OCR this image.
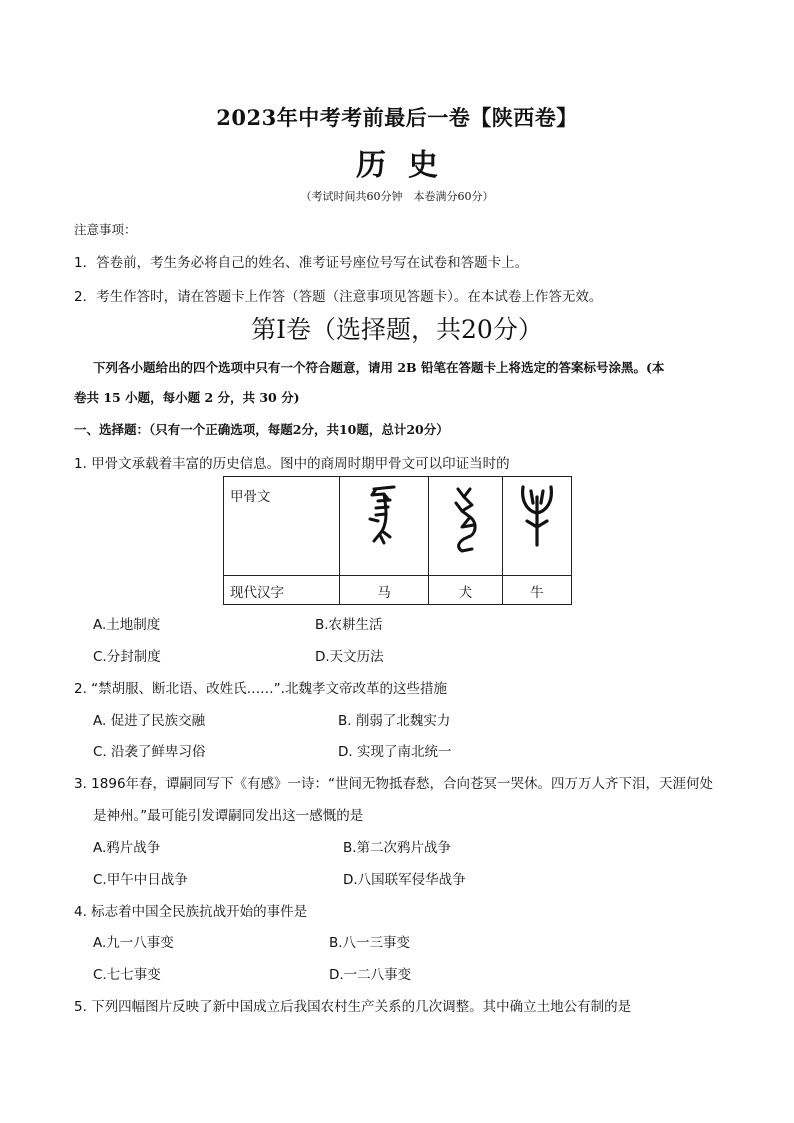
2023年中考考前最后一卷【陕西卷】
历史
（考试时间共60分钟　本卷满分60分）
注意事项：
1．答卷前，考生务必将自己的姓名、准考证号座位号写在试卷和答题卡上。
2．考生作答时，请在答题卡上作答（答题（注意事项见答题卡）。在本试卷上作答无效。
第Ⅰ卷（选择题，共20分）
下列各小题给出的四个选项中只有一个符合题意，请用 2B 铅笔在答题卡上将选定的答案标号涂黑。(本
卷共 15 小题，每小题 2 分，共 30 分)
一、选择题：（只有一个正确选项，每题2分，共10题，总计20分）
1. 甲骨文承载着丰富的历史信息。图中的商周时期甲骨文可以印证当时的
甲骨文

现代汉字	马	犬	牛
A.土地制度	B.农耕生活
C.分封制度	D.天文历法
2. “禁胡服、断北语、改姓氏……”.北魏孝文帝改革的这些措施
A. 促进了民族交融	B. 削弱了北魏实力
C. 沿袭了鲜卑习俗	D. 实现了南北统一
3. 1896年春，谭嗣同写下《有感》一诗：“世间无物抵春愁，合向苍冥一哭休。四万万人齐下泪，天涯何处
是神州。”最可能引发谭嗣同发出这一感慨的是
A.鸦片战争	B.第二次鸦片战争
C.甲午中日战争	D.八国联军侵华战争
4. 标志着中国全民族抗战开始的事件是
A.九一八事变	B.八一三事变
C.七七事变	D.一二八事变
5. 下列四幅图片反映了新中国成立后我国农村生产关系的几次调整。其中确立土地公有制的是
